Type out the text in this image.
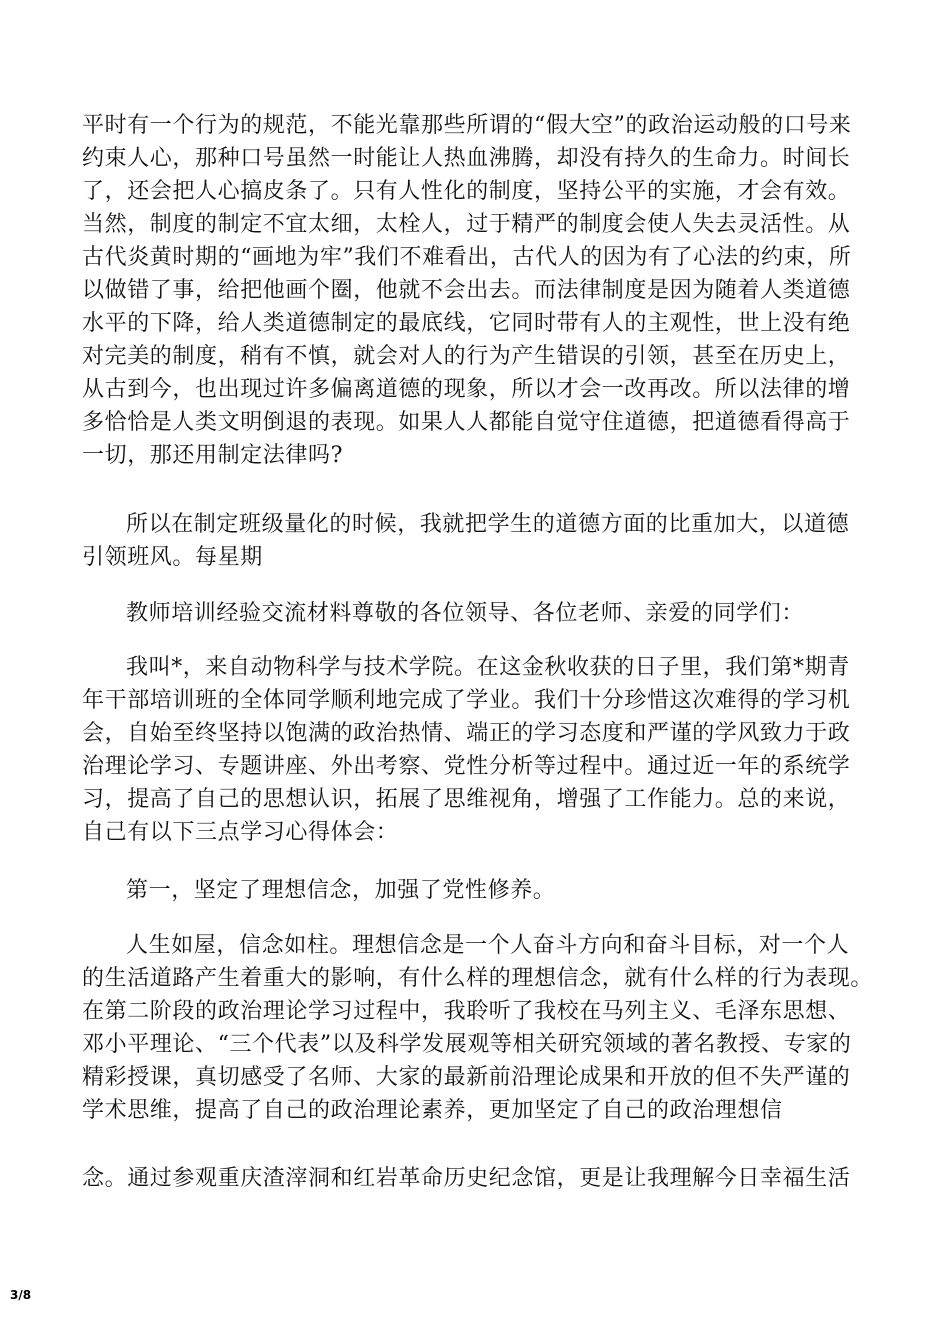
平时有一个行为的规范，不能光靠那些所谓的“假大空”的政治运动般的口号来
约束人心，那种口号虽然一时能让人热血沸腾，却没有持久的生命力。时间长
了，还会把人心搞皮条了。只有人性化的制度，坚持公平的实施，才会有效。
当然，制度的制定不宜太细，太栓人，过于精严的制度会使人失去灵活性。从
古代炎黄时期的“画地为牢”我们不难看出，古代人的因为有了心法的约束，所
以做错了事，给把他画个圈，他就不会出去。而法律制度是因为随着人类道德
水平的下降，给人类道德制定的最底线，它同时带有人的主观性，世上没有绝
对完美的制度，稍有不慎，就会对人的行为产生错误的引领，甚至在历史上，
从古到今，也出现过许多偏离道德的现象，所以才会一改再改。所以法律的增
多恰恰是人类文明倒退的表现。如果人人都能自觉守住道德，把道德看得高于
一切，那还用制定法律吗?
所以在制定班级量化的时候，我就把学生的道德方面的比重加大，以道德
引领班风。每星期
教师培训经验交流材料尊敬的各位领导、各位老师、亲爱的同学们：
我叫*，来自动物科学与技术学院。在这金秋收获的日子里，我们第*期青
年干部培训班的全体同学顺利地完成了学业。我们十分珍惜这次难得的学习机
会，自始至终坚持以饱满的政治热情、端正的学习态度和严谨的学风致力于政
治理论学习、专题讲座、外出考察、党性分析等过程中。通过近一年的系统学
习，提高了自己的思想认识，拓展了思维视角，增强了工作能力。总的来说，
自己有以下三点学习心得体会：
第一，坚定了理想信念，加强了党性修养。
人生如屋，信念如柱。理想信念是一个人奋斗方向和奋斗目标，对一个人
的生活道路产生着重大的影响，有什么样的理想信念，就有什么样的行为表现。
在第二阶段的政治理论学习过程中，我聆听了我校在马列主义、毛泽东思想、
邓小平理论、“三个代表”以及科学发展观等相关研究领域的著名教授、专家的
精彩授课，真切感受了名师、大家的最新前沿理论成果和开放的但不失严谨的
学术思维，提高了自己的政治理论素养，更加坚定了自己的政治理想信
念。通过参观重庆渣滓洞和红岩革命历史纪念馆，更是让我理解今日幸福生活
3/8
